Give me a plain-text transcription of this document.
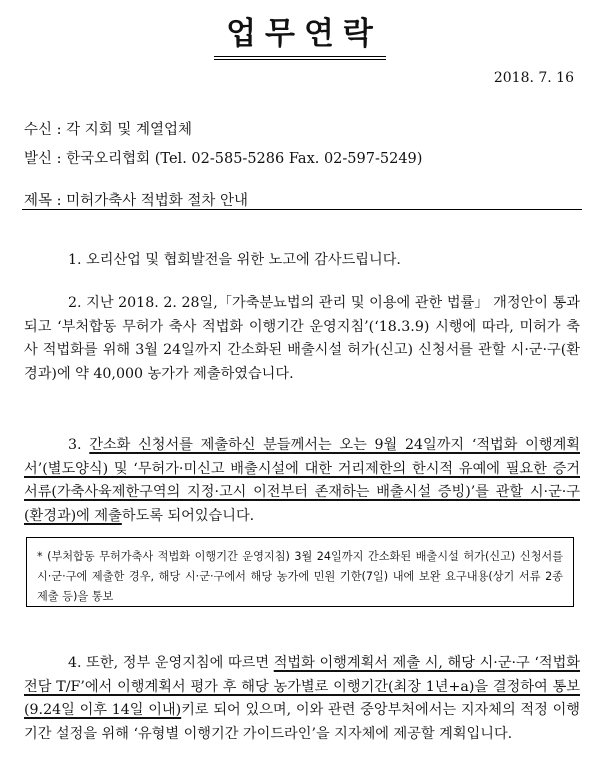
업무연락
2018. 7. 16
수신 : 각 지회 및 계열업체
발신 : 한국오리협회 (Tel. 02-585-5286 Fax. 02-597-5249)
제목 : 미허가축사 적법화 절차 안내
1. 오리산업 및 협회발전을 위한 노고에 감사드립니다.
2. 지난 2018. 2. 28일,「가축분뇨법의 관리 및 이용에 관한 법률」 개정안이 통과되고 ‘부처합동 무허가 축사 적법화 이행기간 운영지침’(‘18.3.9) 시행에 따라, 미허가 축사 적법화를 위해 3월 24일까지 간소화된 배출시설 허가(신고) 신청서를 관할 시·군·구(환경과)에 약 40,000 농가가 제출하였습니다.
3. 간소화 신청서를 제출하신 분들께서는 오는 9월 24일까지 ‘적법화 이행계획서’(별도양식) 및 ‘무허가·미신고 배출시설에 대한 거리제한의 한시적 유예에 필요한 증거서류(가축사육제한구역의 지정·고시 이전부터 존재하는 배출시설 증빙)’를 관할 시·군·구(환경과)에 제출하도록 되어있습니다.
* (부처합동 무허가축사 적법화 이행기간 운영지침) 3월 24일까지 간소화된 배출시설 허가(신고) 신청서를 시·군·구에 제출한 경우, 해당 시·군·구에서 해당 농가에 민원 기한(7일) 내에 보완 요구내용(상기 서류 2종 제출 등)을 통보
4. 또한, 정부 운영지침에 따르면 적법화 이행계획서 제출 시, 해당 시·군·구 ‘적법화 전담 T/F’에서 이행계획서 평가 후 해당 농가별로 이행기간(최장 1년+a)을 결정하여 통보(9.24일 이후 14일 이내)키로 되어 있으며, 이와 관련 중앙부처에서는 지자체의 적정 이행기간 설정을 위해 ‘유형별 이행기간 가이드라인’을 지자체에 제공할 계획입니다.
